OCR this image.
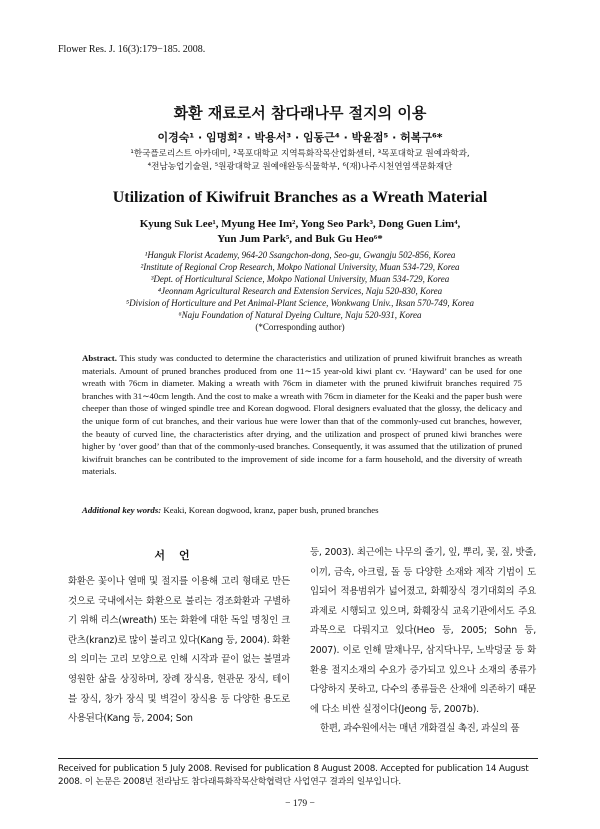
Flower Res. J. 16(3):179−185. 2008.
화환 재료로서 참다래나무 절지의 이용
이경숙¹ · 임명희² · 박용서³ · 임동근⁴ · 박윤점⁵ · 허복구⁶*
¹한국플로리스트 아카데미, ²목포대학교 지역특화작목산업화센터, ³목포대학교 원예과학과,
⁴전남농업기술원, ⁵원광대학교 원예애완동식물학부, ⁶(재)나주시천연염색문화재단
Utilization of Kiwifruit Branches as a Wreath Material
Kyung Suk Lee¹, Myung Hee Im², Yong Seo Park³, Dong Guen Lim⁴,
Yun Jum Park⁵, and Buk Gu Heo⁶*
¹Hanguk Florist Academy, 964-20 Ssangchon-dong, Seo-gu, Gwangju 502-856, Korea
²Institute of Regional Crop Research, Mokpo National University, Muan 534-729, Korea
³Dept. of Horticultural Science, Mokpo National University, Muan 534-729, Korea
⁴Jeonnam Agricultural Research and Extension Services, Naju 520-830, Korea
⁵Division of Horticulture and Pet Animal-Plant Science, Wonkwang Univ., Iksan 570-749, Korea
⁶Naju Foundation of Natural Dyeing Culture, Naju 520-931, Korea
(*Corresponding author)
Abstract. This study was conducted to determine the characteristics and utilization of pruned kiwifruit branches as wreath materials. Amount of pruned branches produced from one 11∼15 year-old kiwi plant cv. ‘Hayward’ can be used for one wreath with 76cm in diameter. Making a wreath with 76cm in diameter with the pruned kiwifruit branches required 75 branches with 31∼40cm length. And the cost to make a wreath with 76cm in diameter for the Keaki and the paper bush were cheeper than those of winged spindle tree and Korean dogwood. Floral designers evaluated that the glossy, the delicacy and the unique form of cut branches, and their various hue were lower than that of the commonly-used cut branches, however, the beauty of curved line, the characteristics after drying, and the utilization and prospect of pruned kiwi branches were higher by ‘over good’ than that of the commonly-used branches. Consequently, it was assumed that the utilization of pruned kiwifruit branches can be contributed to the improvement of side income for a farm household, and the diversity of wreath materials.
Additional key words: Keaki, Korean dogwood, kranz, paper bush, pruned branches
서언
화환은 꽃이나 열매 및 절지를 이용해 고리 형태로 만든 것으로 국내에서는 화환으로 불리는 경조화환과 구별하기 위해 리스(wreath) 또는 화환에 대한 독일 명칭인 크란츠(kranz)로 많이 불리고 있다(Kang 등, 2004). 화환의 의미는 고리 모양으로 인해 시작과 끝이 없는 불멸과 영원한 삶을 상징하며, 장례 장식용, 현관문 장식, 테이블 장식, 창가 장식 및 벽걸이 장식용 등 다양한 용도로 사용된다(Kang 등, 2004; Son
등, 2003). 최근에는 나무의 줄기, 잎, 뿌리, 꽃, 짚, 밧줄, 이끼, 금속, 아크릴, 돌 등 다양한 소재와 제작 기법이 도입되어 적용범위가 넓어졌고, 화훼장식 경기대회의 주요 과제로 시행되고 있으며, 화훼장식 교육기관에서도 주요 과목으로 다뤄지고 있다(Heo 등, 2005; Sohn 등, 2007). 이로 인해 말채나무, 삼지닥나무, 노박덩굴 등 화환용 절지소재의 수요가 증가되고 있으나 소재의 종류가 다양하지 못하고, 다수의 종류들은 산채에 의존하기 때문에 다소 비싼 실정이다(Jeong 등, 2007b).
한편, 과수원에서는 매년 개화결실 촉진, 과실의 품
Received for publication 5 July 2008. Revised for publication 8 August 2008. Accepted for publication 14 August 2008. 이 논문은 2008년 전라남도 참다래특화작목산학협력단 사업연구 결과의 일부입니다.
− 179 −
